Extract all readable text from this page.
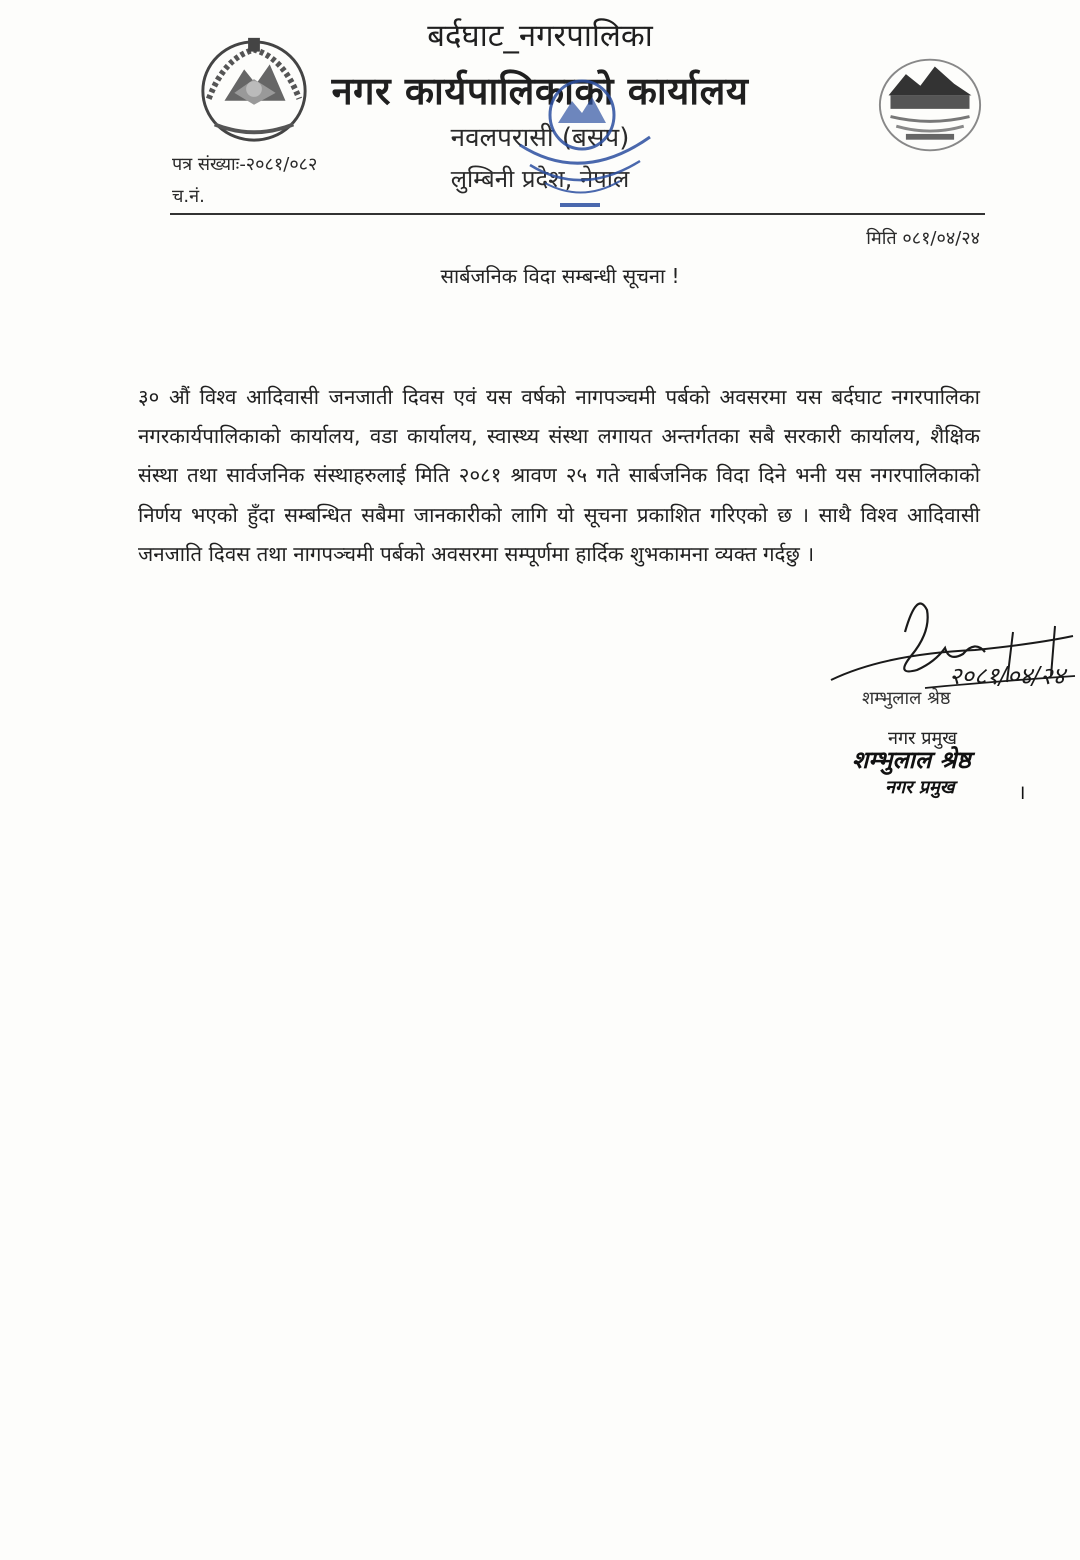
बर्दघाट_नगरपालिका
नगर कार्यपालिकाको कार्यालय
नवलपरासी (बसप)
लुम्बिनी प्रदेश, नेपाल
पत्र संख्याः-२०८१/०८२
च.नं.
मिति ०८१/०४/२४
सार्बजनिक विदा सम्बन्धी सूचना !
३० औं विश्व आदिवासी जनजाती दिवस एवं यस वर्षको नागपञ्चमी पर्बको अवसरमा यस बर्दघाट नगरपालिका नगरकार्यपालिकाको कार्यालय, वडा कार्यालय, स्वास्थ्य संस्था लगायत अन्तर्गतका सबै सरकारी कार्यालय, शैक्षिक संस्था तथा सार्वजनिक संस्थाहरुलाई मिति २०८१ श्रावण २५ गते सार्बजनिक विदा दिने भनी यस नगरपालिकाको निर्णय भएको हुँदा सम्बन्धित सबैमा जानकारीको लागि यो सूचना प्रकाशित गरिएको छ । साथै विश्व आदिवासी जनजाति दिवस तथा नागपञ्चमी पर्बको अवसरमा सम्पूर्णमा हार्दिक शुभकामना व्यक्त गर्दछु ।
२०८१/०४/२४
शम्भुलाल श्रेष्ठ
नगर प्रमुख
शम्भुलाल श्रेष्ठ
नगर प्रमुख	।
